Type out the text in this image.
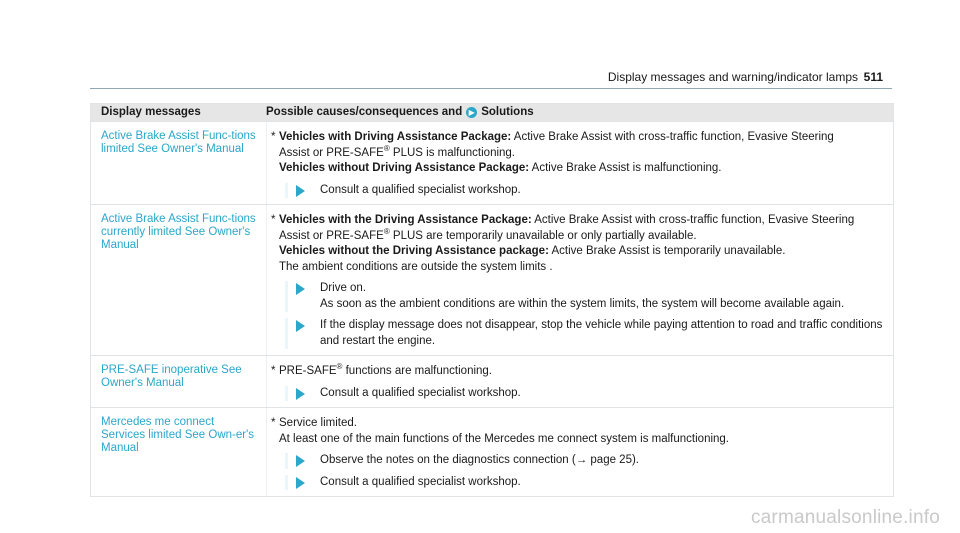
Display messages and warning/indicator lamps 511
Display messages	Possible causes/consequences and ▶ Solutions
Active Brake Assist Func-tions limited See Owner's Manual
* Vehicles with Driving Assistance Package: Active Brake Assist with cross-traffic function, Evasive Steering
Assist or PRE-SAFE® PLUS is malfunctioning.
Vehicles without Driving Assistance Package: Active Brake Assist is malfunctioning.
Consult a qualified specialist workshop.
Active Brake Assist Func-tions currently limited See Owner's Manual
* Vehicles with the Driving Assistance Package: Active Brake Assist with cross-traffic function, Evasive Steering
Assist or PRE-SAFE® PLUS are temporarily unavailable or only partially available.
Vehicles without the Driving Assistance package: Active Brake Assist is temporarily unavailable.
The ambient conditions are outside the system limits .
Drive on.
As soon as the ambient conditions are within the system limits, the system will become available again.
If the display message does not disappear, stop the vehicle while paying attention to road and traffic conditions and restart the engine.
PRE-SAFE inoperative See Owner's Manual
* PRE-SAFE® functions are malfunctioning.
Consult a qualified specialist workshop.
Mercedes me connect Services limited See Own-er's Manual
* Service limited.
At least one of the main functions of the Mercedes me connect system is malfunctioning.
Observe the notes on the diagnostics connection (→ page 25).
Consult a qualified specialist workshop.
carmanualsonline.info
